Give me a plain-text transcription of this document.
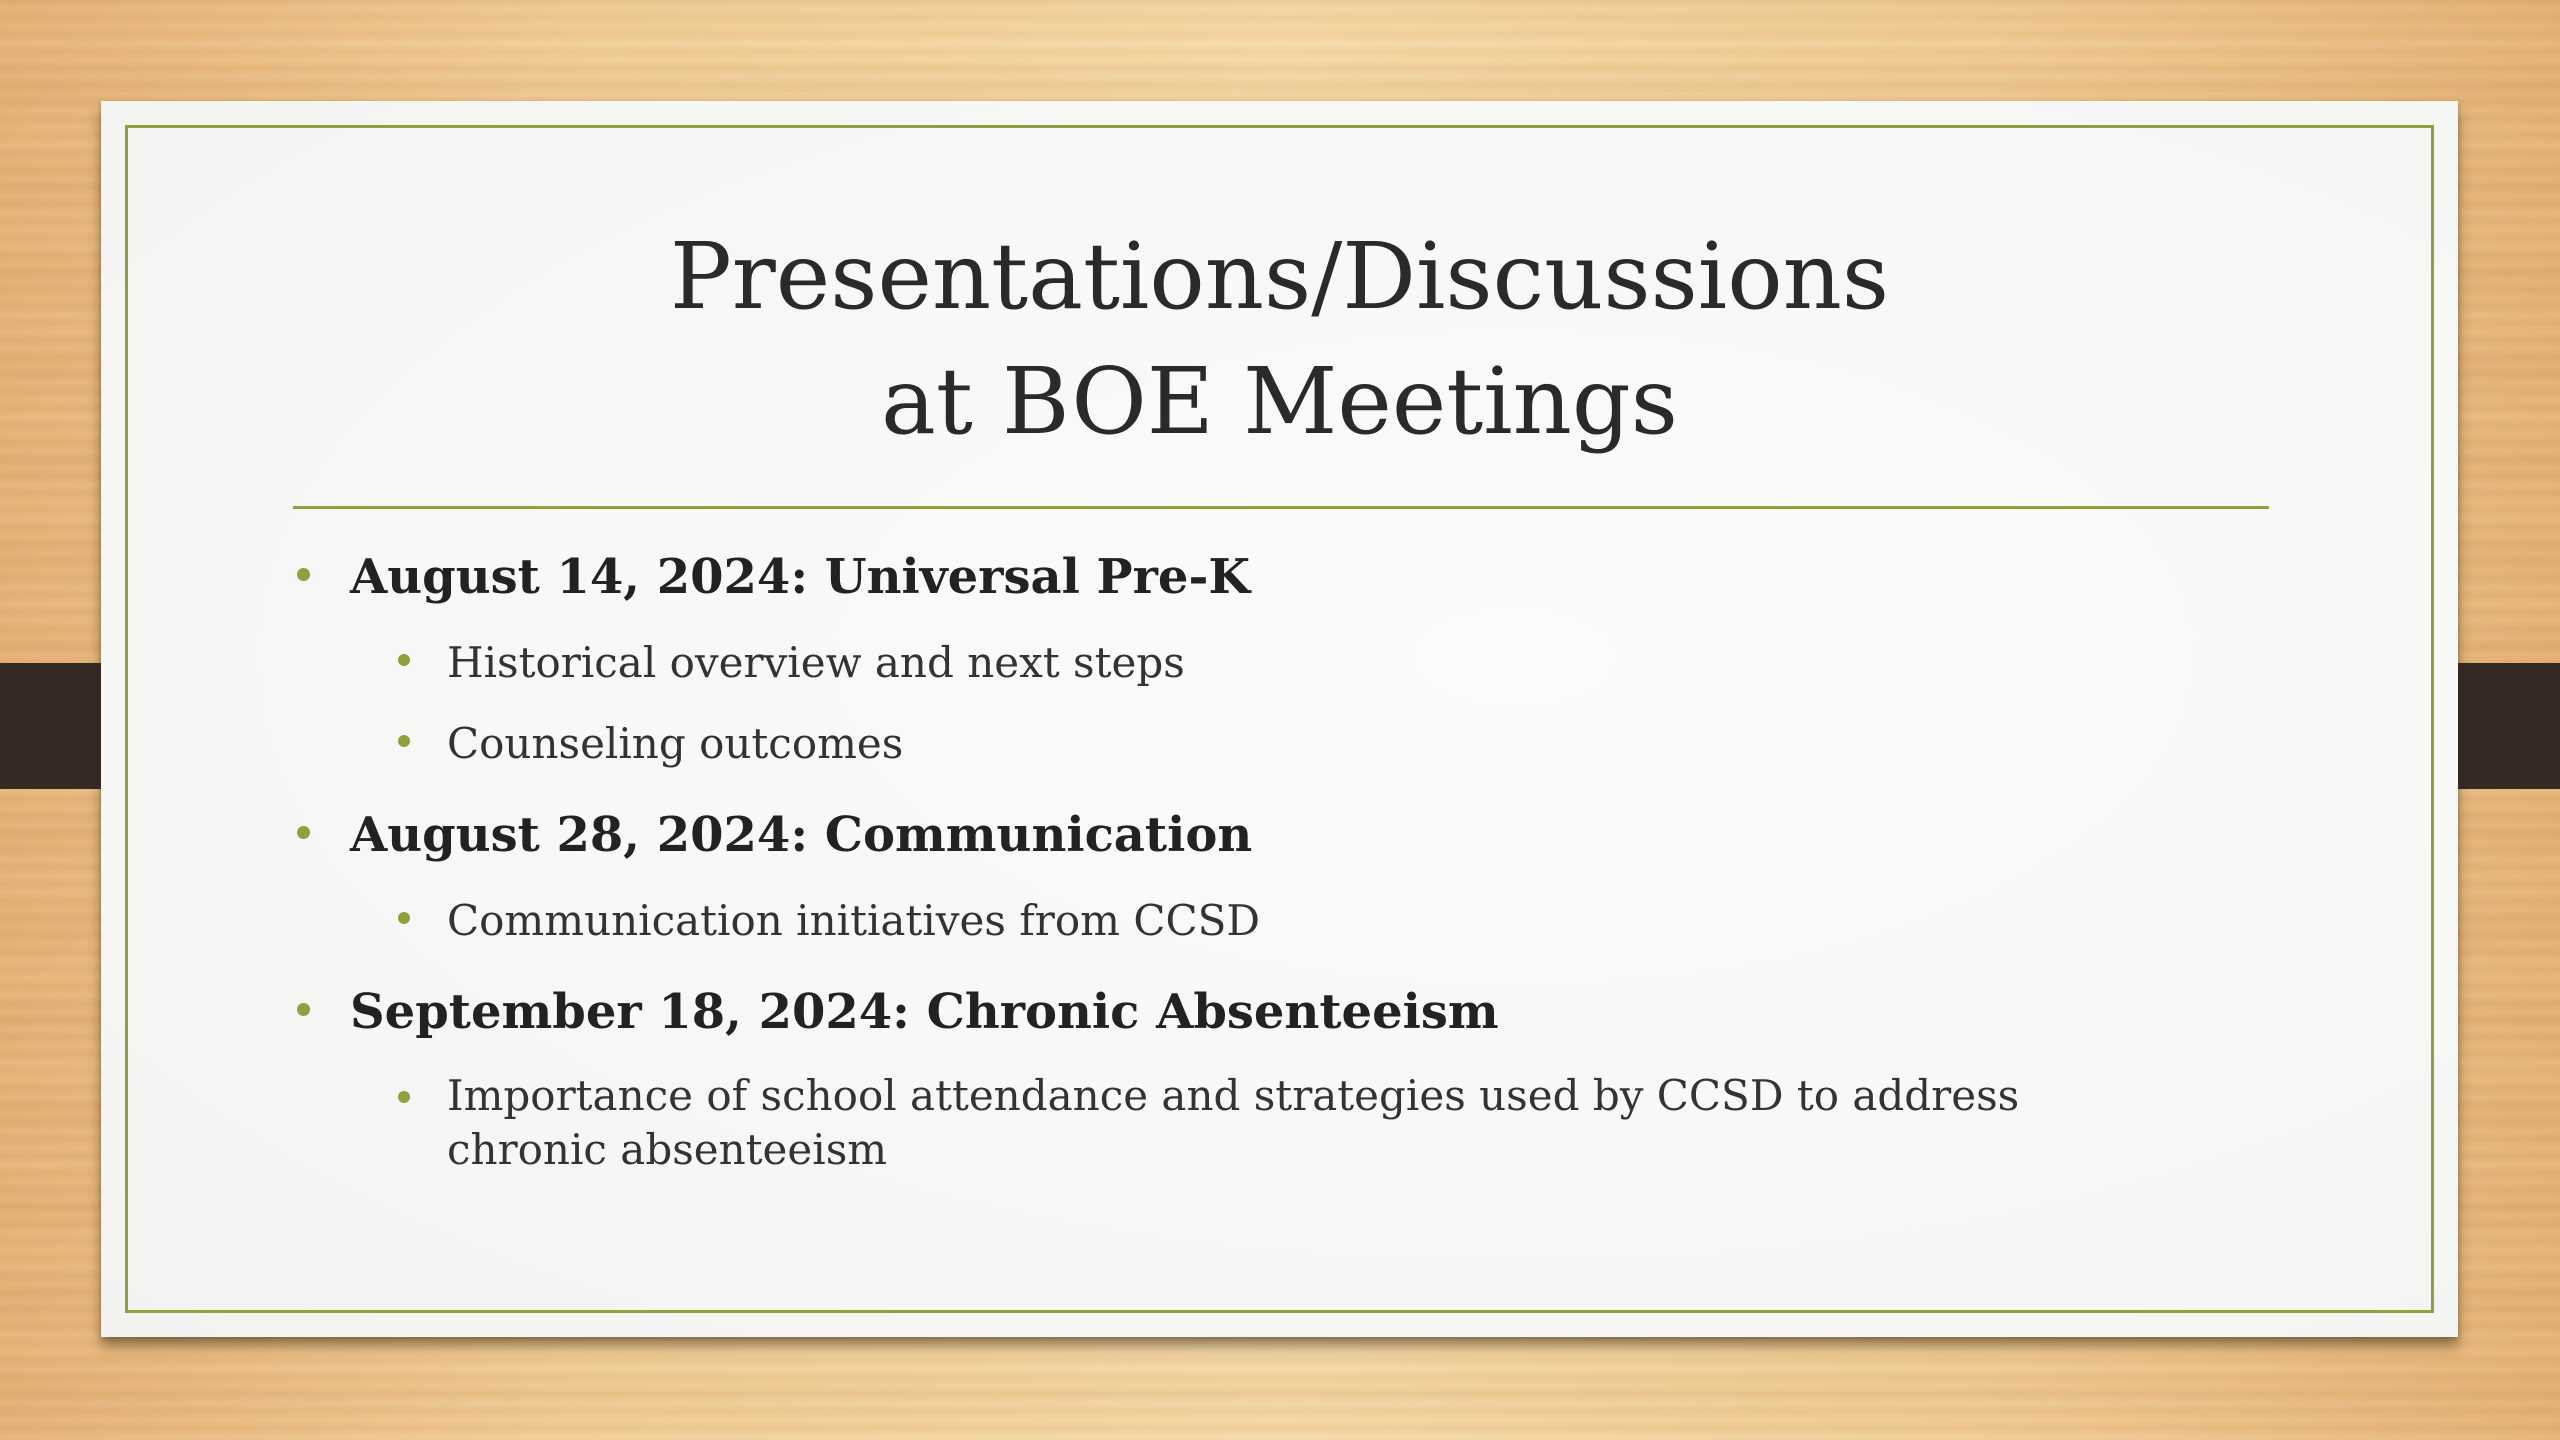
Presentations/Discussions
at BOE Meetings
August 14, 2024: Universal Pre-K
Historical overview and next steps
Counseling outcomes
August 28, 2024: Communication
Communication initiatives from CCSD
September 18, 2024: Chronic Absenteeism
Importance of school attendance and strategies used by CCSD to address chronic absenteeism
